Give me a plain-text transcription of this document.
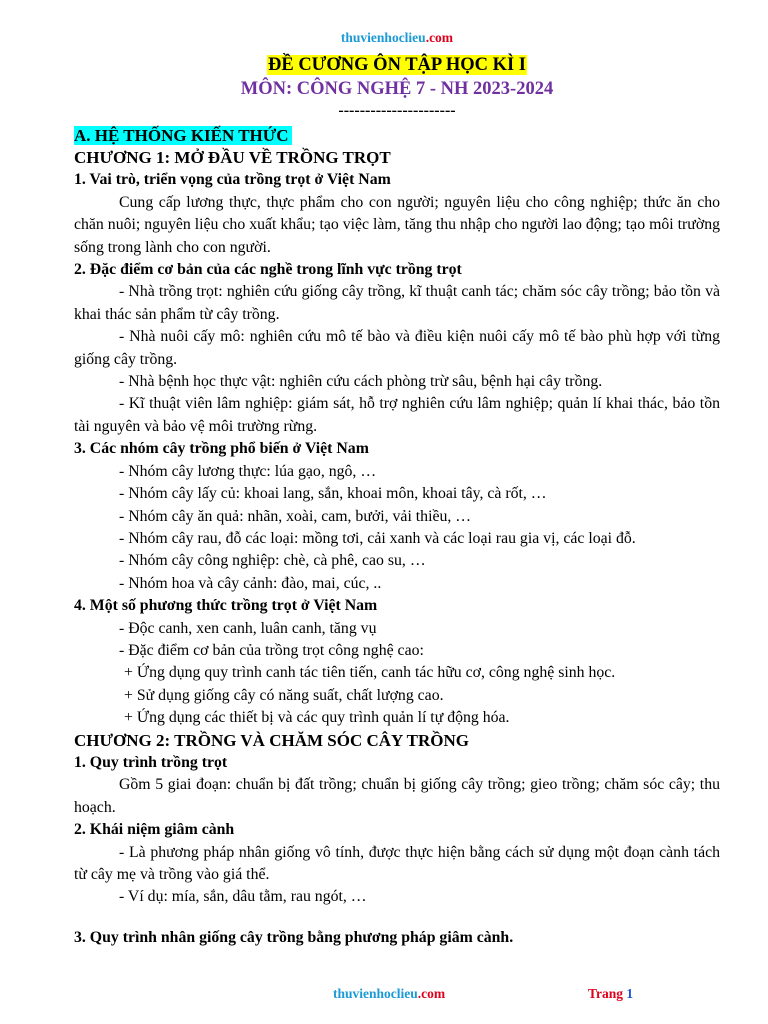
thuvienhoclieu.com
ĐỀ CƯƠNG ÔN TẬP HỌC KÌ I
MÔN: CÔNG NGHỆ 7 - NH 2023-2024
----------------------
A. HỆ THỐNG KIẾN THỨC
CHƯƠNG 1: MỞ ĐẦU VỀ TRỒNG TRỌT
1. Vai trò, triển vọng của trồng trọt ở Việt Nam
Cung cấp lương thực, thực phẩm cho con người; nguyên liệu cho công nghiệp; thức ăn cho chăn nuôi; nguyên liệu cho xuất khẩu; tạo việc làm, tăng thu nhập cho người lao động; tạo môi trường sống trong lành cho con người.
2. Đặc điểm cơ bản của các nghề trong lĩnh vực trồng trọt
- Nhà trồng trọt: nghiên cứu giống cây trồng, kĩ thuật canh tác; chăm sóc cây trồng; bảo tồn và khai thác sản phẩm từ cây trồng.
- Nhà nuôi cấy mô: nghiên cứu mô tế bào và điều kiện nuôi cấy mô tế bào phù hợp với từng giống cây trồng.
- Nhà bệnh học thực vật: nghiên cứu cách phòng trừ sâu, bệnh hại cây trồng.
- Kĩ thuật viên lâm nghiệp: giám sát, hỗ trợ nghiên cứu lâm nghiệp; quản lí khai thác, bảo tồn tài nguyên và bảo vệ môi trường rừng.
3. Các nhóm cây trồng phổ biến ở Việt Nam
- Nhóm cây lương thực: lúa gạo, ngô, …
- Nhóm cây lấy củ: khoai lang, sắn, khoai môn, khoai tây, cà rốt, …
- Nhóm cây ăn quả: nhãn, xoài, cam, bưởi, vải thiều, …
- Nhóm cây rau, đỗ các loại: mồng tơi, cải xanh và các loại rau gia vị, các loại đỗ.
- Nhóm cây công nghiệp: chè, cà phê, cao su, …
- Nhóm hoa và cây cảnh: đào, mai, cúc, ..
4. Một số phương thức trồng trọt ở Việt Nam
- Độc canh, xen canh, luân canh, tăng vụ
- Đặc điểm cơ bản của trồng trọt công nghệ cao:
+ Ứng dụng quy trình canh tác tiên tiến, canh tác hữu cơ, công nghệ sinh học.
+ Sử dụng giống cây có năng suất, chất lượng cao.
+ Ứng dụng các thiết bị và các quy trình quản lí tự động hóa.
CHƯƠNG 2: TRỒNG VÀ CHĂM SÓC CÂY TRỒNG
1. Quy trình trồng trọt
Gồm 5 giai đoạn: chuẩn bị đất trồng; chuẩn bị giống cây trồng; gieo trồng; chăm sóc cây; thu hoạch.
2. Khái niệm giâm cành
- Là phương pháp nhân giống vô tính, được thực hiện bằng cách sử dụng một đoạn cành tách từ cây mẹ và trồng vào giá thể.
- Ví dụ: mía, sắn, dâu tằm, rau ngót, …
3. Quy trình nhân giống cây trồng bằng phương pháp giâm cành.
thuvienhoclieu.com	Trang 1
